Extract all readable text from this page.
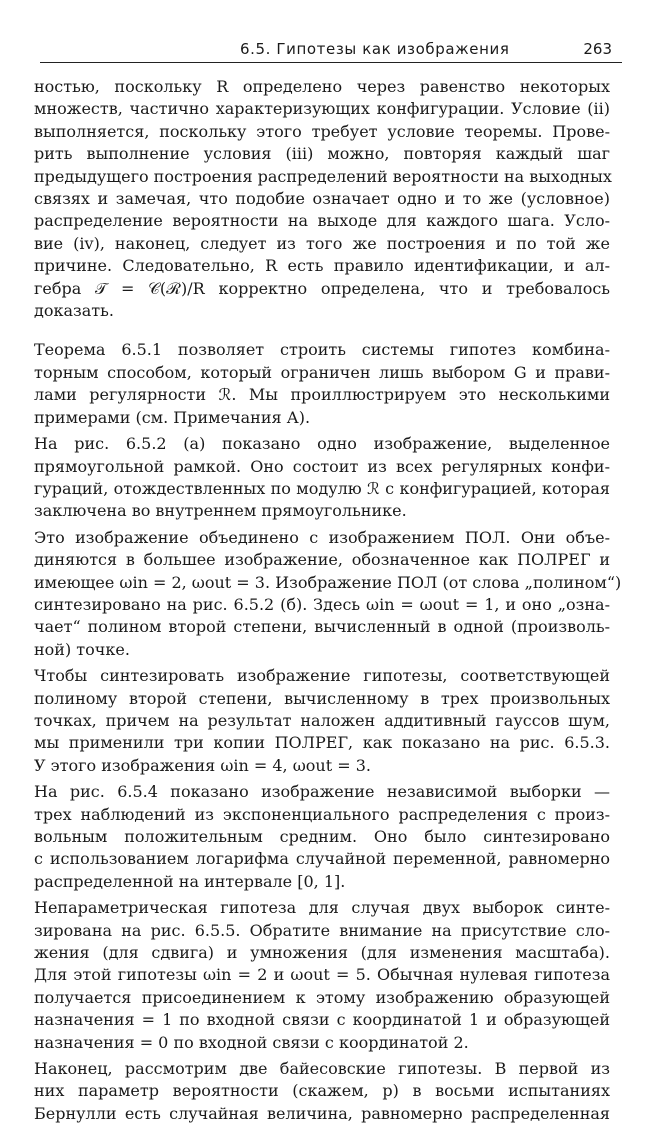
6.5. Гипотезы как изображения	263
ностью, поскольку R определено через равенство некоторых
множеств, частично характеризующих конфигурации. Условие (ii)
выполняется, поскольку этого требует условие теоремы. Прове-
рить выполнение условия (iii) можно, повторяя каждый шаг
предыдущего построения распределений вероятности на выходных
связях и замечая, что подобие означает одно и то же (условное)
распределение вероятности на выходе для каждого шага. Усло-
вие (iv), наконец, следует из того же построения и по той же
причине. Следовательно, R есть правило идентификации, и ал-
гебра 𝒯 = 𝒞(ℛ)/R корректно определена, что и требовалось
доказать.
Теорема 6.5.1 позволяет строить системы гипотез комбина-
торным способом, который ограничен лишь выбором G и прави-
лами регулярности ℛ. Мы проиллюстрируем это несколькими
примерами (см. Примечания А).
На рис. 6.5.2 (а) показано одно изображение, выделенное
прямоугольной рамкой. Оно состоит из всех регулярных конфи-
гураций, отождествленных по модулю ℛ с конфигурацией, которая
заключена во внутреннем прямоугольнике.
Это изображение объединено с изображением ПОЛ. Они объе-
диняются в большее изображение, обозначенное как ПОЛРЕГ и
имеющее ωin = 2, ωout = 3. Изображение ПОЛ (от слова „полином“)
синтезировано на рис. 6.5.2 (б). Здесь ωin = ωout = 1, и оно „озна-
чает“ полином второй степени, вычисленный в одной (произволь-
ной) точке.
Чтобы синтезировать изображение гипотезы, соответствующей
полиному второй степени, вычисленному в трех произвольных
точках, причем на результат наложен аддитивный гауссов шум,
мы применили три копии ПОЛРЕГ, как показано на рис. 6.5.3.
У этого изображения ωin = 4, ωout = 3.
На рис. 6.5.4 показано изображение независимой выборки —
трех наблюдений из экспоненциального распределения с произ-
вольным положительным средним. Оно было синтезировано
с использованием логарифма случайной переменной, равномерно
распределенной на интервале [0, 1].
Непараметрическая гипотеза для случая двух выборок синте-
зирована на рис. 6.5.5. Обратите внимание на присутствие сло-
жения (для сдвига) и умножения (для изменения масштаба).
Для этой гипотезы ωin = 2 и ωout = 5. Обычная нулевая гипотеза
получается присоединением к этому изображению образующей
назначения = 1 по входной связи с координатой 1 и образующей
назначения = 0 по входной связи с координатой 2.
Наконец, рассмотрим две байесовские гипотезы. В первой из
них параметр вероятности (скажем, p) в восьми испытаниях
Бернулли есть случайная величина, равномерно распределенная
